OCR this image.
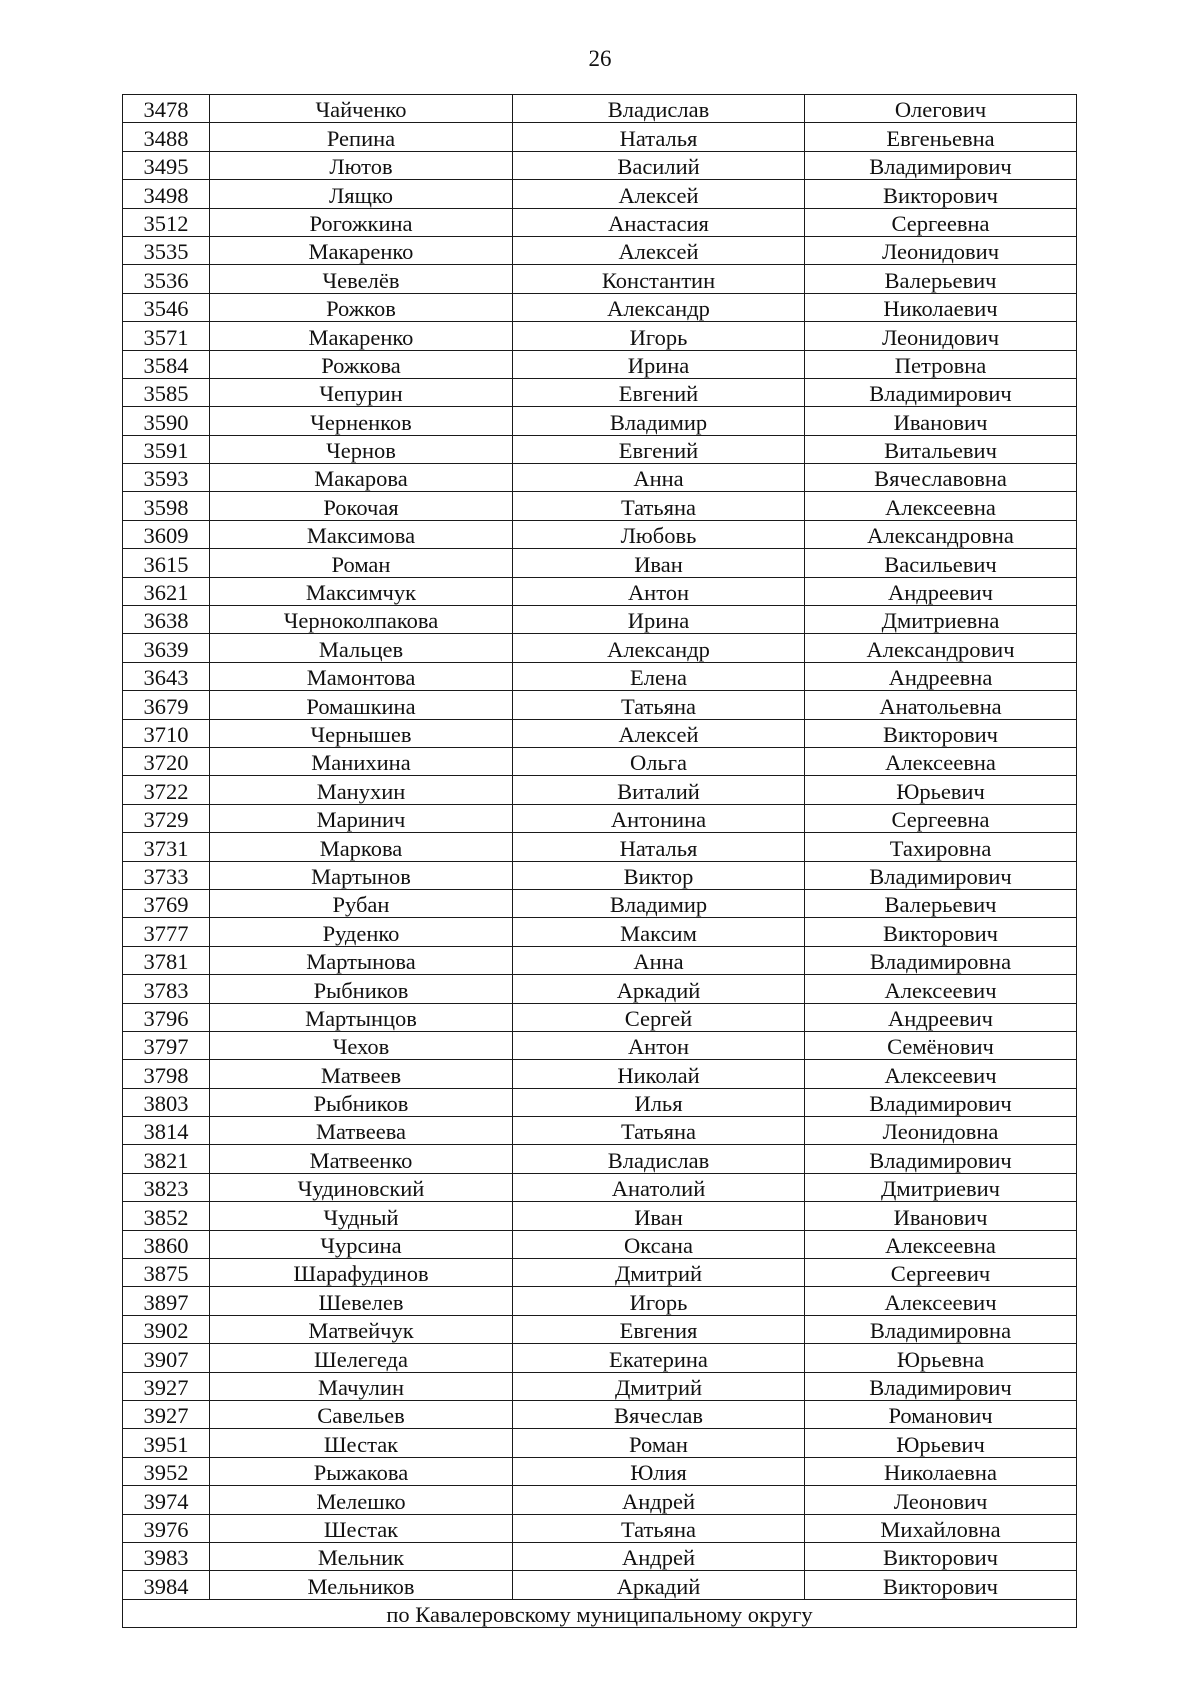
26
3478	Чайченко	Владислав	Олегович
3488	Репина	Наталья	Евгеньевна
3495	Лютов	Василий	Владимирович
3498	Лящко	Алексей	Викторович
3512	Рогожкина	Анастасия	Сергеевна
3535	Макаренко	Алексей	Леонидович
3536	Чевелёв	Константин	Валерьевич
3546	Рожков	Александр	Николаевич
3571	Макаренко	Игорь	Леонидович
3584	Рожкова	Ирина	Петровна
3585	Чепурин	Евгений	Владимирович
3590	Черненков	Владимир	Иванович
3591	Чернов	Евгений	Витальевич
3593	Макарова	Анна	Вячеславовна
3598	Рокочая	Татьяна	Алексеевна
3609	Максимова	Любовь	Александровна
3615	Роман	Иван	Васильевич
3621	Максимчук	Антон	Андреевич
3638	Черноколпакова	Ирина	Дмитриевна
3639	Мальцев	Александр	Александрович
3643	Мамонтова	Елена	Андреевна
3679	Ромашкина	Татьяна	Анатольевна
3710	Чернышев	Алексей	Викторович
3720	Манихина	Ольга	Алексеевна
3722	Манухин	Виталий	Юрьевич
3729	Маринич	Антонина	Сергеевна
3731	Маркова	Наталья	Тахировна
3733	Мартынов	Виктор	Владимирович
3769	Рубан	Владимир	Валерьевич
3777	Руденко	Максим	Викторович
3781	Мартынова	Анна	Владимировна
3783	Рыбников	Аркадий	Алексеевич
3796	Мартынцов	Сергей	Андреевич
3797	Чехов	Антон	Семёнович
3798	Матвеев	Николай	Алексеевич
3803	Рыбников	Илья	Владимирович
3814	Матвеева	Татьяна	Леонидовна
3821	Матвеенко	Владислав	Владимирович
3823	Чудиновский	Анатолий	Дмитриевич
3852	Чудный	Иван	Иванович
3860	Чурсина	Оксана	Алексеевна
3875	Шарафудинов	Дмитрий	Сергеевич
3897	Шевелев	Игорь	Алексеевич
3902	Матвейчук	Евгения	Владимировна
3907	Шелегеда	Екатерина	Юрьевна
3927	Мачулин	Дмитрий	Владимирович
3927	Савельев	Вячеслав	Романович
3951	Шестак	Роман	Юрьевич
3952	Рыжакова	Юлия	Николаевна
3974	Мелешко	Андрей	Леонович
3976	Шестак	Татьяна	Михайловна
3983	Мельник	Андрей	Викторович
3984	Мельников	Аркадий	Викторович
по Кавалеровскому муниципальному округу			
